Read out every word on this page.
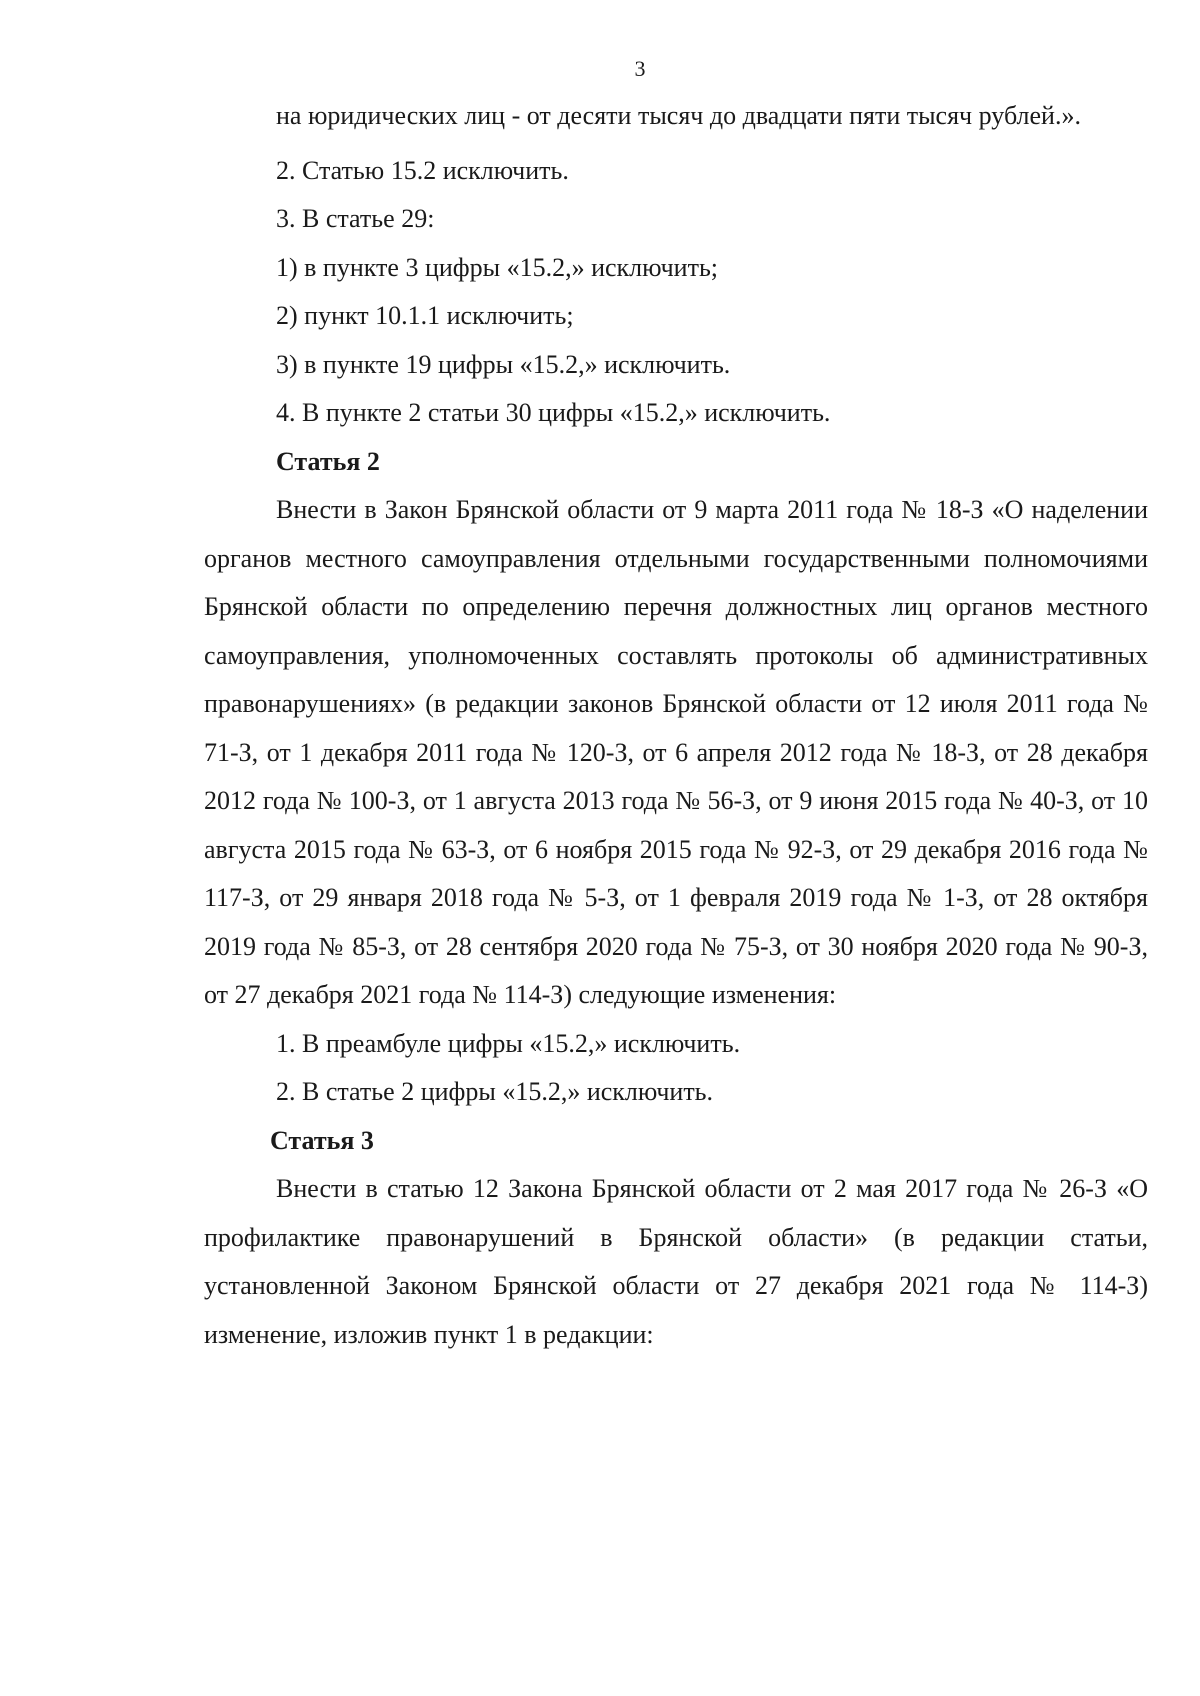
3

на юридических лиц - от десяти тысяч до двадцати пяти тысяч рублей.».

2. Статью 15.2 исключить.

3. В статье 29:

1) в пункте 3 цифры «15.2,» исключить;

2) пункт 10.1.1 исключить;

3) в пункте 19 цифры «15.2,» исключить.

4. В пункте 2 статьи 30 цифры «15.2,» исключить.

Статья 2

Внести в Закон Брянской области от 9 марта 2011 года № 18-З «О наделении органов местного самоуправления отдельными государственными полномочиями Брянской области по определению перечня должностных лиц органов местного самоуправления, уполномоченных составлять протоколы об административных правонарушениях» (в редакции законов Брянской области от 12 июля 2011 года № 71-З, от 1 декабря 2011 года № 120-З, от 6 апреля 2012 года № 18-З, от 28 декабря 2012 года № 100-З, от 1 августа 2013 года № 56-З, от 9 июня 2015 года № 40-З, от 10 августа 2015 года № 63-З, от 6 ноября 2015 года № 92-З, от 29 декабря 2016 года № 117-З, от 29 января 2018 года № 5-З, от 1 февраля 2019 года № 1-З, от 28 октября 2019 года № 85-З, от 28 сентября 2020 года № 75-З, от 30 ноября 2020 года № 90-З, от 27 декабря 2021 года № 114-З) следующие изменения:

1. В преамбуле цифры «15.2,» исключить.

2. В статье 2 цифры «15.2,» исключить.

Статья 3

Внести в статью 12 Закона Брянской области от 2 мая 2017 года № 26-З «О профилактике правонарушений в Брянской области» (в редакции статьи, установленной Законом Брянской области от 27 декабря 2021 года № 114-З) изменение, изложив пункт 1 в редакции:
